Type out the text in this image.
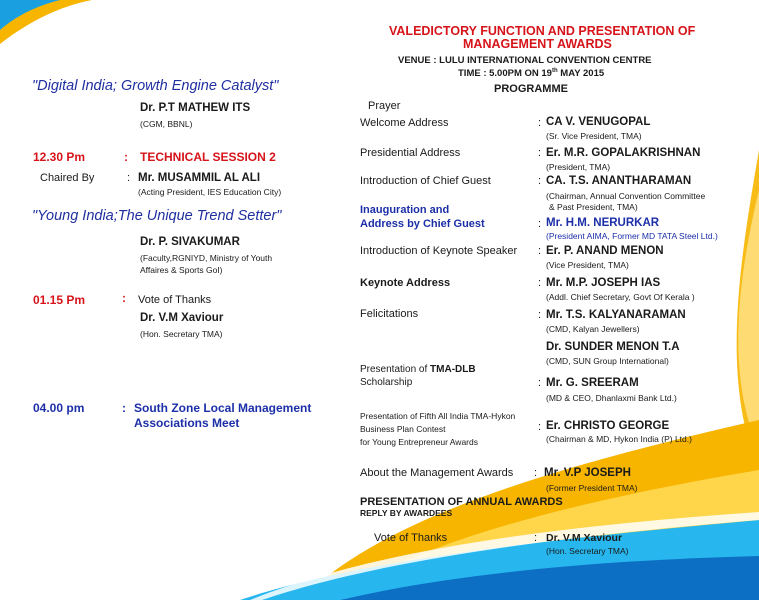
"Digital India; Growth Engine Catalyst"
Dr. P.T MATHEW ITS
(CGM, BBNL)
12.30 Pm	: TECHNICAL SESSION 2
Chaired By	: Mr. MUSAMMIL AL ALI
(Acting President, IES Education City)
"Young India;The Unique Trend Setter"
Dr. P. SIVAKUMAR
(Faculty,RGNIYD, Ministry of Youth
Affaires & Sports GoI)
01.15 Pm	: Vote of Thanks
Dr. V.M Xaviour
(Hon. Secretary TMA)
04.00 pm	: South Zone Local Management
Associations Meet
VALEDICTORY FUNCTION AND PRESENTATION OF
MANAGEMENT AWARDS
VENUE : LULU INTERNATIONAL CONVENTION CENTRE
TIME : 5.00PM ON 19th MAY 2015
PROGRAMME
Prayer
Welcome Address	: CA V. VENUGOPAL
(Sr. Vice President, TMA)
Presidential Address	: Er. M.R. GOPALAKRISHNAN
(President, TMA)
Introduction of Chief Guest	: CA. T.S. ANANTHARAMAN
(Chairman, Annual Convention Committee
& Past President, TMA)
Inauguration and
Address by Chief Guest	: Mr. H.M. NERURKAR
(President AIMA, Former MD TATA Steel Ltd.)
Introduction of Keynote Speaker : Er. P. ANAND MENON
(Vice President, TMA)
Keynote Address	: Mr. M.P. JOSEPH IAS
(Addl. Chief Secretary, Govt Of Kerala )
Felicitations	: Mr. T.S. KALYANARAMAN
(CMD, Kalyan Jewellers)
Dr. SUNDER MENON T.A
(CMD, SUN Group International)
Presentation of TMA-DLB
Scholarship	: Mr. G. SREERAM
(MD & CEO, Dhanlaxmi Bank Ltd.)
Presentation of Fifth All India TMA-Hykon
Business Plan Contest
for Young Entrepreneur Awards
: Er. CHRISTO GEORGE
(Chairman & MD, Hykon India (P) Ltd.)
About the Management Awards : Mr. V.P JOSEPH
(Former President TMA)
PRESENTATION OF ANNUAL AWARDS
REPLY BY AWARDEES
Vote of Thanks	: Dr. V.M Xaviour
(Hon. Secretary TMA)
